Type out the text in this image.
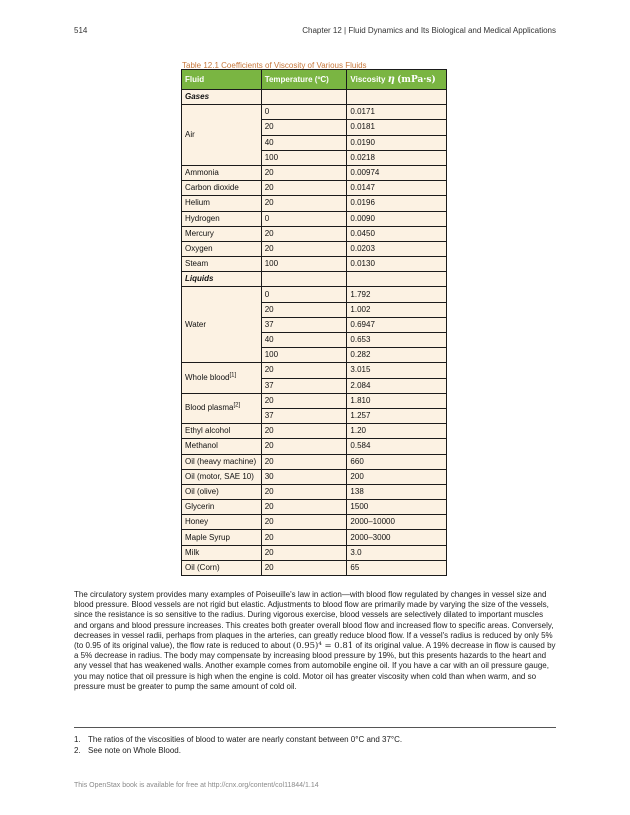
514	Chapter 12 | Fluid Dynamics and Its Biological and Medical Applications
Table 12.1 Coefficients of Viscosity of Various Fluids
Fluid	Temperature (ºC)	Viscosity η (mPa·s)
Gases		
Air	0	0.0171
	20	0.0181
	40	0.0190
	100	0.0218
Ammonia	20	0.00974
Carbon dioxide	20	0.0147
Helium	20	0.0196
Hydrogen	0	0.0090
Mercury	20	0.0450
Oxygen	20	0.0203
Steam	100	0.0130
Liquids		
Water	0	1.792
	20	1.002
	37	0.6947
	40	0.653
	100	0.282
Whole blood[1]	20	3.015
	37	2.084
Blood plasma[2]	20	1.810
	37	1.257
Ethyl alcohol	20	1.20
Methanol	20	0.584
Oil (heavy machine)	20	660
Oil (motor, SAE 10)	30	200
Oil (olive)	20	138
Glycerin	20	1500
Honey	20	2000–10000
Maple Syrup	20	2000–3000
Milk	20	3.0
Oil (Corn)	20	65
The circulatory system provides many examples of Poiseuille's law in action—with blood flow regulated by changes in vessel size and blood pressure. Blood vessels are not rigid but elastic. Adjustments to blood flow are primarily made by varying the size of the vessels, since the resistance is so sensitive to the radius. During vigorous exercise, blood vessels are selectively dilated to important muscles and organs and blood pressure increases. This creates both greater overall blood flow and increased flow to specific areas. Conversely, decreases in vessel radii, perhaps from plaques in the arteries, can greatly reduce blood flow. If a vessel's radius is reduced by only 5% (to 0.95 of its original value), the flow rate is reduced to about (0.95)⁴ = 0.81 of its original value. A 19% decrease in flow is caused by a 5% decrease in radius. The body may compensate by increasing blood pressure by 19%, but this presents hazards to the heart and any vessel that has weakened walls. Another example comes from automobile engine oil. If you have a car with an oil pressure gauge, you may notice that oil pressure is high when the engine is cold. Motor oil has greater viscosity when cold than when warm, and so pressure must be greater to pump the same amount of cold oil.
1. The ratios of the viscosities of blood to water are nearly constant between 0°C and 37°C.
2. See note on Whole Blood.
This OpenStax book is available for free at http://cnx.org/content/col11844/1.14
